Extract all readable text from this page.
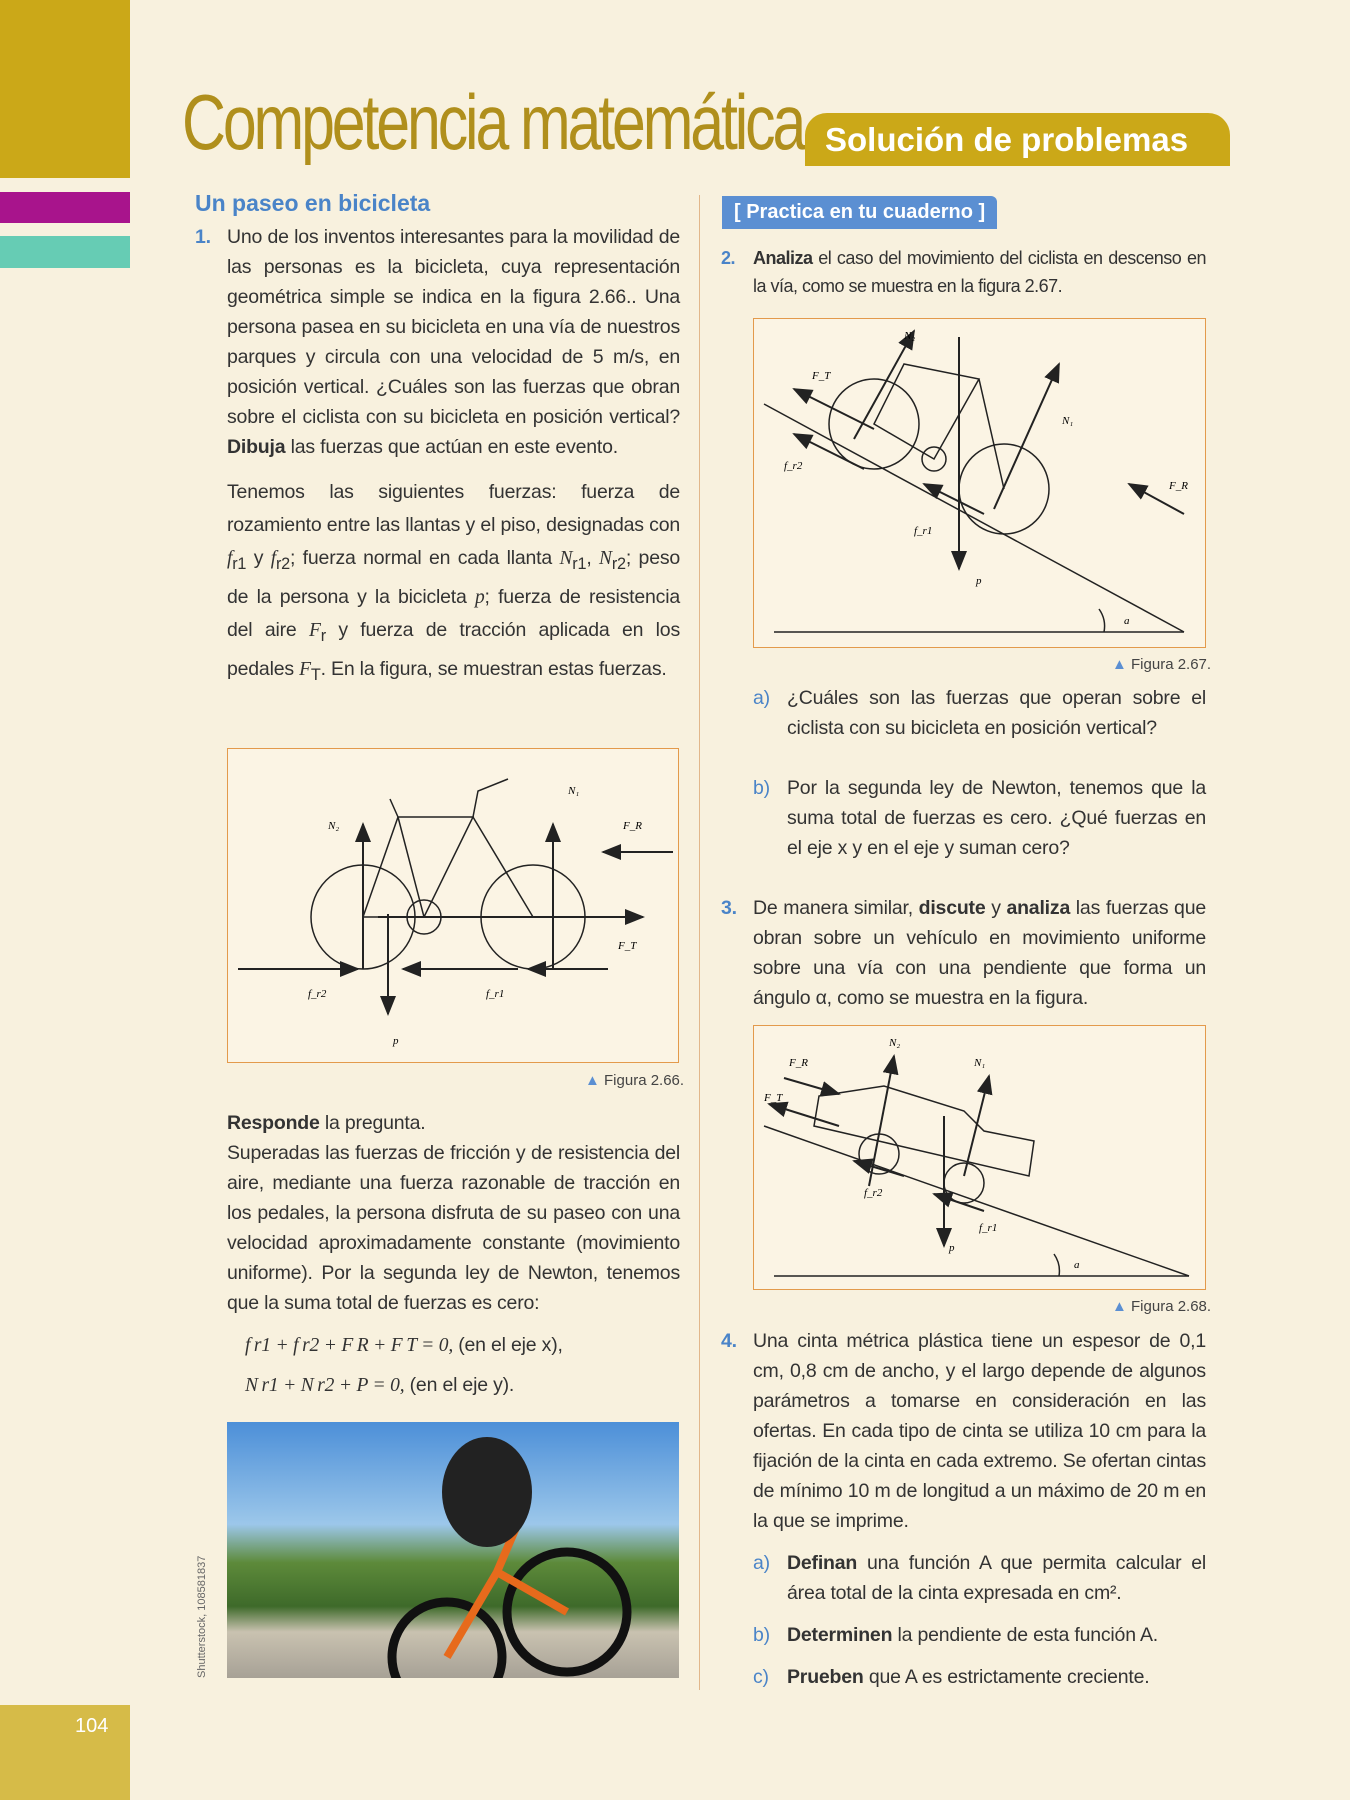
104
Competencia matemática Solución de problemas
Un paseo en bicicleta

1. Uno de los inventos interesantes para la movilidad de las personas es la bicicleta, cuya representación geométrica simple se indica en la figura 2.66.. Una persona pasea en su bicicleta en una vía de nuestros parques y circula con una velocidad de 5 m/s, en posición vertical. ¿Cuáles son las fuerzas que obran sobre el ciclista con su bicicleta en posición vertical? Dibuja las fuerzas que actúan en este evento.

Tenemos las siguientes fuerzas: fuerza de rozamiento entre las llantas y el piso, designadas con $f_{r1}$ y $f_{r2}$; fuerza normal en cada llanta $N_{r1}$, $N_{r2}$; peso de la persona y la bicicleta p; fuerza de resistencia del aire $F_r$ y fuerza de tracción aplicada en los pedales $F_T$. En la figura, se muestran estas fuerzas.

N₂
N₁
F_R
F_T
f_r2	f_r1
p
▲ Figura 2.66.

Responde la pregunta.

Superadas las fuerzas de fricción y de resistencia del aire, mediante una fuerza razonable de tracción en los pedales, la persona disfruta de su paseo con una velocidad aproximadamente constante (movimiento uniforme). Por la segunda ley de Newton, tenemos que la suma total de fuerzas es cero:

f r1 + f r2 + F R + F T = 0, (en el eje x),

N r1 + N r2 + P = 0, (en el eje y).

Shutterstock, 108581837
[ Practica en tu cuaderno ]

2. Analiza el caso del movimiento del ciclista en descenso en la vía, como se muestra en la figura 2.67.

N₂
N₁
F_T
f_r2
f_r1
F_R
p
a
▲ Figura 2.67.

a) ¿Cuáles son las fuerzas que operan sobre el ciclista con su bicicleta en posición vertical?

b) Por la segunda ley de Newton, tenemos que la suma total de fuerzas es cero. ¿Qué fuerzas en el eje x y en el eje y suman cero?

3. De manera similar, discute y analiza las fuerzas que obran sobre un vehículo en movimiento uniforme sobre una vía con una pendiente que forma un ángulo α, como se muestra en la figura.

F_R
F_T
N₂
N₁
f_r2
f_r1
p
a
▲ Figura 2.68.

4. Una cinta métrica plástica tiene un espesor de 0,1 cm, 0,8 cm de ancho, y el largo depende de algunos parámetros a tomarse en consideración en las ofertas. En cada tipo de cinta se utiliza 10 cm para la fijación de la cinta en cada extremo. Se ofertan cintas de mínimo 10 m de longitud a un máximo de 20 m en la que se imprime.

a) Definan una función A que permita calcular el área total de la cinta expresada en cm².

b) Determinen la pendiente de esta función A.

c) Prueben que A es estrictamente creciente.
